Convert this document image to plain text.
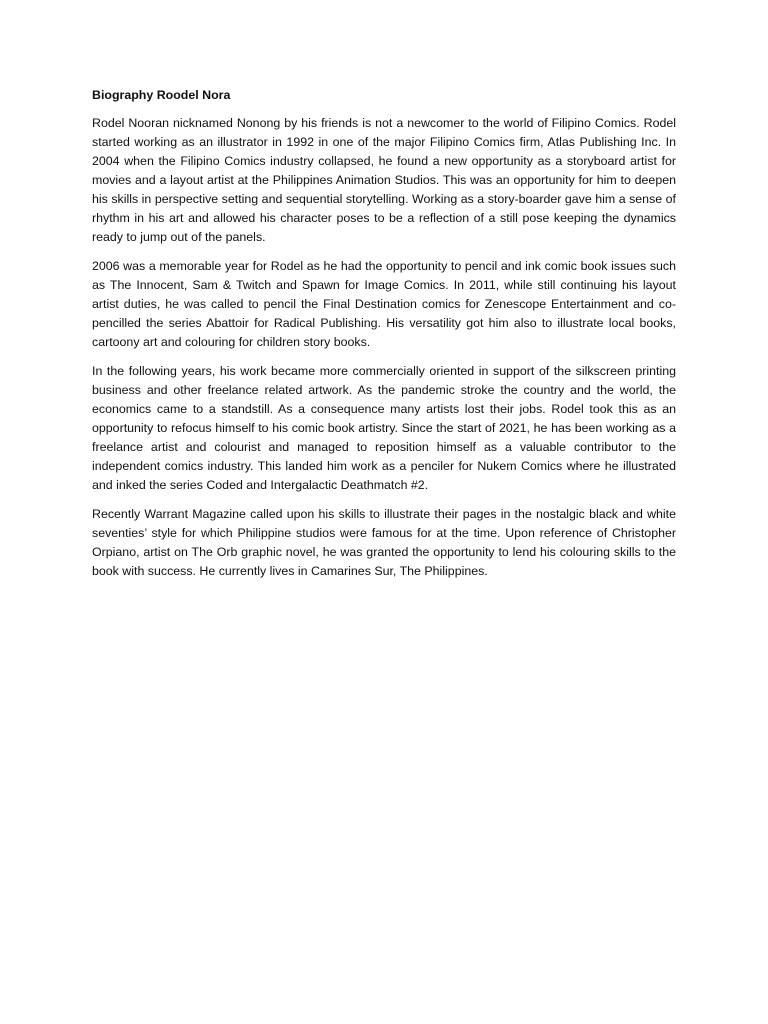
Biography Roodel Nora

Rodel Nooran nicknamed Nonong by his friends is not a newcomer to the world of Filipino Comics. Rodel started working as an illustrator in 1992 in one of the major Filipino Comics firm, Atlas Publishing Inc. In 2004 when the Filipino Comics industry collapsed, he found a new opportunity as a storyboard artist for movies and a layout artist at the Philippines Animation Studios. This was an opportunity for him to deepen his skills in perspective setting and sequential storytelling. Working as a story-boarder gave him a sense of rhythm in his art and allowed his character poses to be a reflection of a still pose keeping the dynamics ready to jump out of the panels.

2006 was a memorable year for Rodel as he had the opportunity to pencil and ink comic book issues such as The Innocent, Sam & Twitch and Spawn for Image Comics. In 2011, while still continuing his layout artist duties, he was called to pencil the Final Destination comics for Zenescope Entertainment and co-pencilled the series Abattoir for Radical Publishing. His versatility got him also to illustrate local books, cartoony art and colouring for children story books.

In the following years, his work became more commercially oriented in support of the silkscreen printing business and other freelance related artwork. As the pandemic stroke the country and the world, the economics came to a standstill. As a consequence many artists lost their jobs. Rodel took this as an opportunity to refocus himself to his comic book artistry. Since the start of 2021, he has been working as a freelance artist and colourist and managed to reposition himself as a valuable contributor to the independent comics industry. This landed him work as a penciler for Nukem Comics where he illustrated and inked the series Coded and Intergalactic Deathmatch #2.

Recently Warrant Magazine called upon his skills to illustrate their pages in the nostalgic black and white seventies’ style for which Philippine studios were famous for at the time. Upon reference of Christopher Orpiano, artist on The Orb graphic novel, he was granted the opportunity to lend his colouring skills to the book with success. He currently lives in Camarines Sur, The Philippines.
